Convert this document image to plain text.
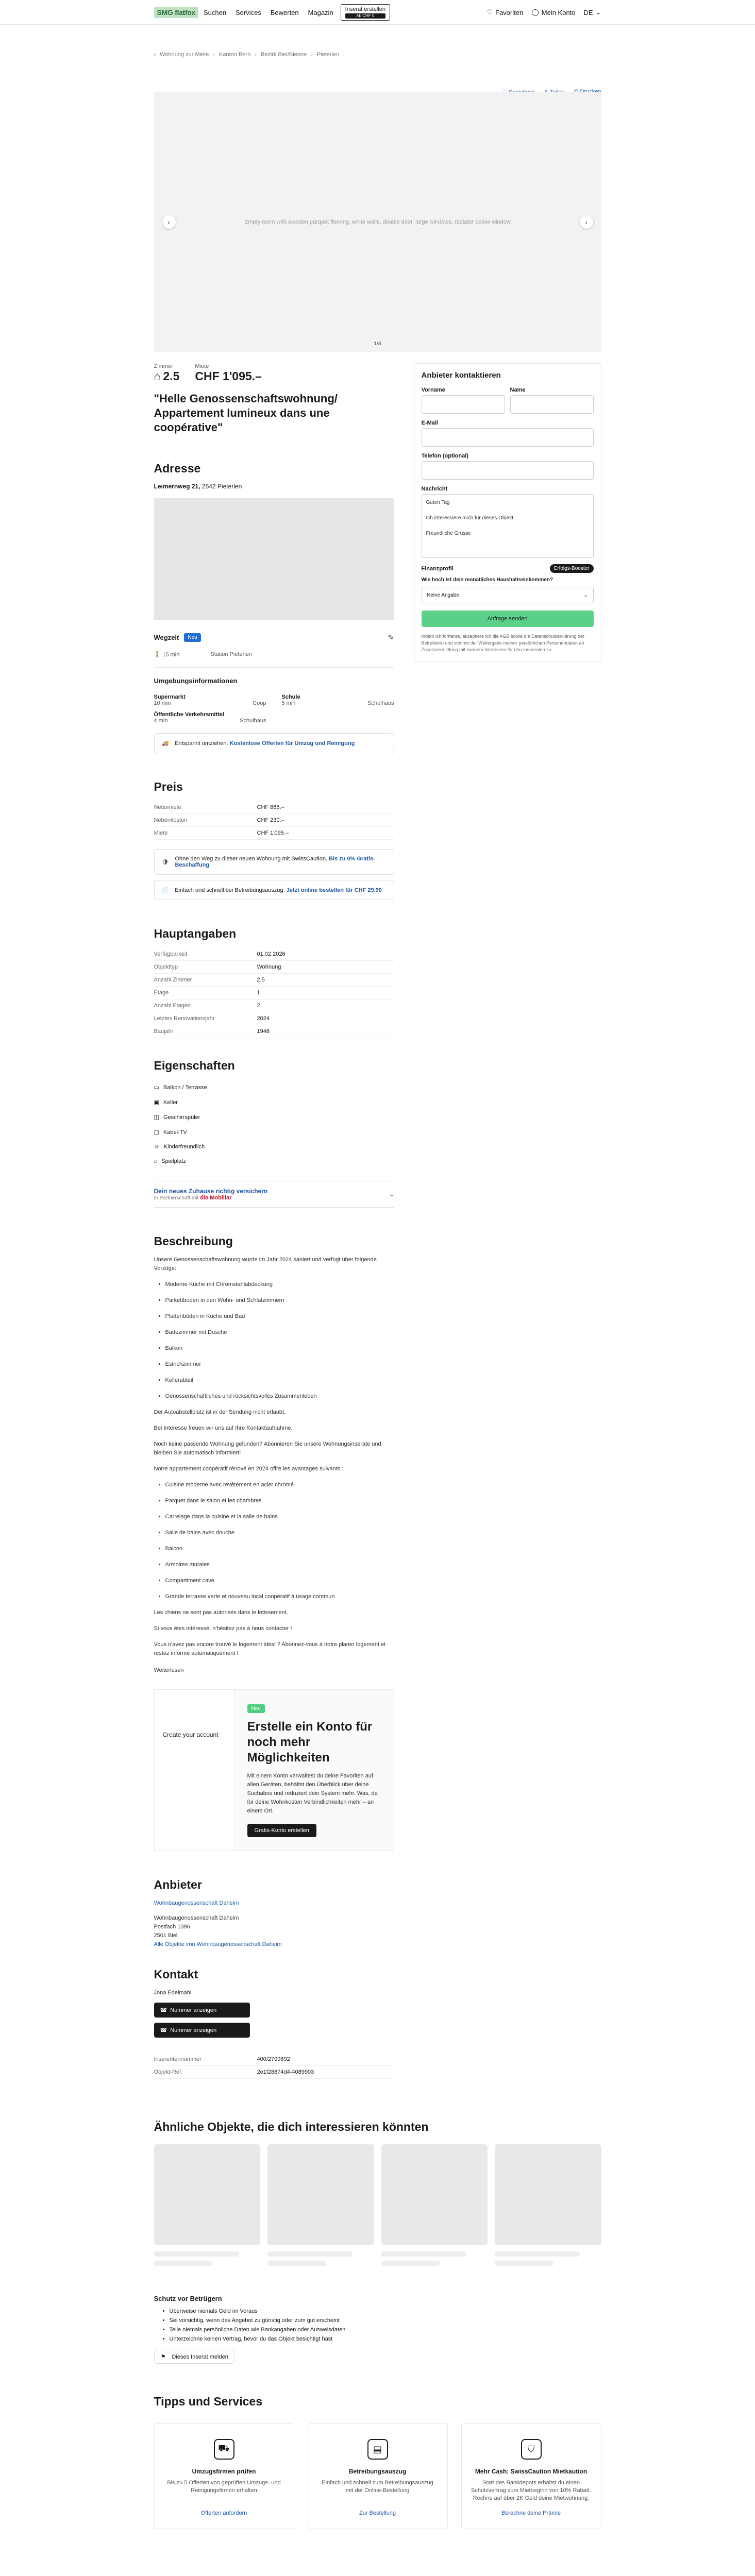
SMG flatfox	Suchen Services Bewerten Magazin	Inserat erstellen
Ab CHF 0	♡ Favoriten ◯ Mein Konto DE ⌄
‹ Wohnung zur Miete › Kanton Bern › Bezirk Biel/Bienne › Pieterlen
Empty room with wooden parquet flooring, white walls, double door, large windows, radiator below window
‹	›
1/8
Zimmer
⌂ 2.5
Miete
CHF 1'095.–
"Helle Genossenschaftswohnung/ Appartement lumineux dans une coopérative"
Adresse
Leimernweg 21, 2542 Pieterlen
Wegzeit	Neu	✎
🚶 15 min	Station Pieterlen
Umgebungsinformationen
Supermarkt
10 min	Coop
Schule
5 min	Schulhaus
Öffentliche Verkehrsmittel
4 min	Schulhaus
🚚 Entspannt umziehen: Kostenlose Offerten für Umzug und Reinigung
Preis
Nettomiete	CHF 865.–
Nebenkosten	CHF 230.–
Miete	CHF 1'095.–
🛡
Ohne den Weg zu dieser neuen Wohnung mit SwissCaution. Bis zu 0% Gratis-Beschaffung
📄 Einfach und schnell bei Betreibungsauszug: Jetzt online bestellen für CHF 29.90
Hauptangaben
Verfügbarkeit	01.02.2026
Objekttyp	Wohnung
Anzahl Zimmer	2.5
Etage	1
Anzahl Etagen	2
Letztes Renovationsjahr	2024
Baujahr	1948
Eigenschaften
▭ Balkon / Terrasse
▣ Keller
◫ Geschirrspüler
▢ Kabel-TV
☺ Kinderfreundlich
⌂ Spielplatz
Dein neues Zuhause richtig versichern
In Partnerschaft mit die Mobiliar
⌄
Beschreibung

Unsere Genossenschaftswohnung wurde im Jahr 2024 saniert und verfügt über folgende Vorzüge:

• Moderne Küche mit Chromstahlabdeckung
• Parkettboden in den Wohn- und Schlafzimmern
• Plattenböden in Küche und Bad
• Badezimmer mit Dusche
• Balkon
• Estrichzimmer
• Kellerabteil
• Genossenschaftliches und rücksichtsvolles Zusammenleben

Der Autoabstellplatz ist in der Sendung nicht erlaubt.

Bei Interesse freuen wir uns auf Ihre Kontaktaufnahme.

Noch keine passende Wohnung gefunden? Abonnieren Sie unsere Wohnungsinserate und bleiben Sie automatisch informiert!

Notre appartement coopératif rénové en 2024 offre les avantages suivants :

• Cuisine moderne avec revêtement en acier chromé
• Parquet dans le salon et les chambres
• Carrelage dans la cuisine et la salle de bains
• Salle de bains avec douche
• Balcon
• Armoires murales
• Compartiment cave
• Grande terrasse verte et nouveau local coopératif à usage commun

Les chiens ne sont pas autorisés dans le lotissement.

Si vous êtes intéressé, n'hésitez pas à nous contacter !

Vous n'avez pas encore trouvé le logement idéal ? Abonnez-vous à notre planer logement et restez informé automatiquement !

Weiterlesen
Create your account
Neu
Erstelle ein Konto für noch mehr Möglichkeiten
Mit einem Konto verwaltest du deine Favoriten auf allen Geräten, behältst den Überblick über deine Suchabos und reduziert dein System mehr. Was, da für deine Wohnkosten Verbindlichkeiten mehr – an einem Ort.
Gratis-Konto erstellen
Anbieter
Wohnbaugenossenschaft Daheim
Wohnbaugenossenschaft Daheim
Postfach 1396
2501 Biel
Alle Objekte von Wohnbaugenossenschaft Daheim
Kontakt
Jona Edelmahl
☎ Nummer anzeigen
☎ Nummer anzeigen
Inserentennummer	400/2709892
Objekt-Ref.	2e1f28874d4-4089903
Anbieter kontaktieren
Vorname	Name
E-Mail
Telefon (optional)
Nachricht
Guten Tag

Ich interessiere mich für dieses Objekt.

Freundliche Grüsse
Finanzprofil	Erfolgs-Booster
Wie hoch ist dein monatliches Haushaltseinkommen?
Keine Angabe	⌄
Anfrage senden
Indem ich fortfahre, akzeptiere ich die AGB sowie die Datenschutzerklärung der Betreiberin und stimme der Weitergabe meiner persönlichen Personendaten an Zusatzvermittlung mit meinem Interessen für den Inserenten zu.
Ähnliche Objekte, die dich interessieren könnten
Schutz vor Betrügern
• Überweise niemals Geld im Voraus
• Sei vorsichtig, wenn das Angebot zu günstig oder zum gut erscheint
• Teile niemals persönliche Daten wie Bankangaben oder Ausweisdaten
• Unterzeichne keinen Vertrag, bevor du das Objekt besichtigt hast
⚑ Dieses Inserat melden
Tipps und Services
⛟
Umzugsfirmen prüfen

Bis zu 5 Offerten von geprüften Umzugs- und Reinigungsfirmen erhalten

Offerten anfordern
▤
Betreibungsauszug

Einfach und schnell zum Betreibungsauszug mit der Online-Bestellung

Zur Bestellung
⛉
Mehr Cash: SwissCaution Mietkaution

Statt des Bankdepots erhältst du einen Schutzvertrag zum Mietbeginn von 10% Rabatt. Rechne auf über 2K Geld deine Mietwohnung.

Berechne deine Prämie
